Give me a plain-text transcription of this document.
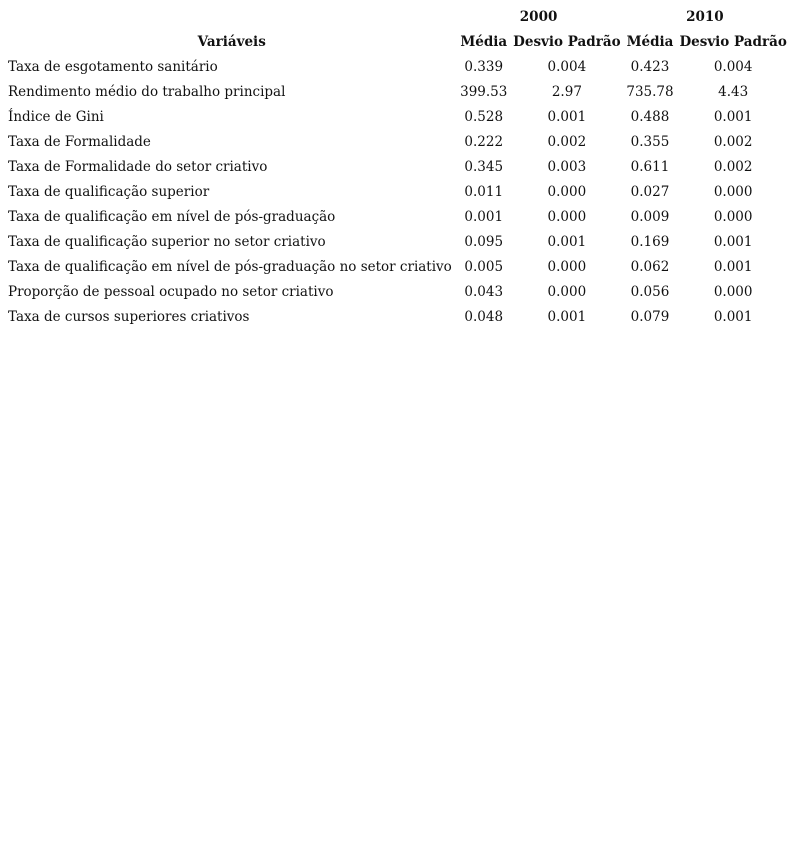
	2000		2010	
Variáveis	Média	Desvio Padrão	Média	Desvio Padrão
Taxa de esgotamento sanitário	0.339	0.004	0.423	0.004
Rendimento médio do trabalho principal	399.53	2.97	735.78	4.43
Índice de Gini	0.528	0.001	0.488	0.001
Taxa de Formalidade	0.222	0.002	0.355	0.002
Taxa de Formalidade do setor criativo	0.345	0.003	0.611	0.002
Taxa de qualificação superior	0.011	0.000	0.027	0.000
Taxa de qualificação em nível de pós-graduação	0.001	0.000	0.009	0.000
Taxa de qualificação superior no setor criativo	0.095	0.001	0.169	0.001
Taxa de qualificação em nível de pós-graduação no setor criativo	0.005	0.000	0.062	0.001
Proporção de pessoal ocupado no setor criativo	0.043	0.000	0.056	0.000
Taxa de cursos superiores criativos	0.048	0.001	0.079	0.001
